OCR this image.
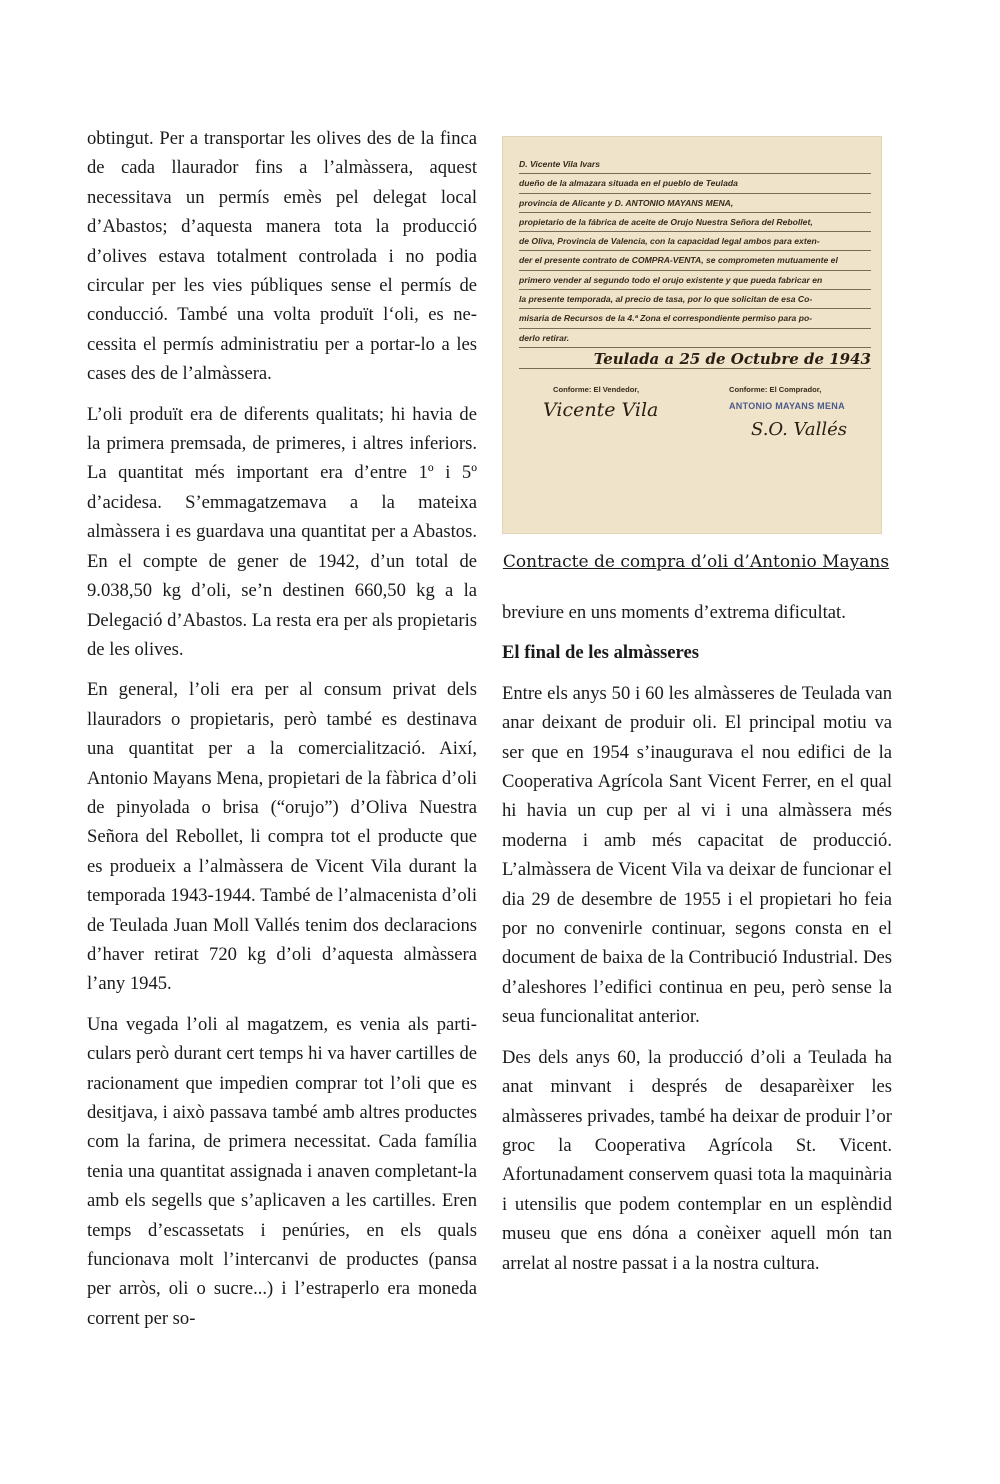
obtingut. Per a transportar les olives des de la finca de cada llaurador fins a l’almàssera, aquest necessitava un permís emès pel delegat local d’Abastos; d’aquesta manera tota la producció d’olives estava totalment controlada i no podia circular per les vies públiques sense el permís de conducció. També una volta produït l‘oli, es necessita el permís administratiu per a portar-lo a les cases des de l’almàssera.

L’oli produït era de diferents qualitats; hi havia de la primera premsada, de primeres, i altres inferiors. La quantitat més important era d’entre 1º i 5º d’acidesa. S’emmagatzemava a la mateixa almàssera i es guardava una quantitat per a Abastos. En el compte de gener de 1942, d’un total de 9.038,50 kg d’oli, se’n destinen 660,50 kg a la Delegació d’Abastos. La resta era per als propietaris de les olives.

En general, l’oli era per al consum privat dels llauradors o propietaris, però també es destinava una quantitat per a la comercialització. Així, Antonio Mayans Mena, propietari de la fàbrica d’oli de pinyolada o brisa (“orujo”) d’Oliva Nuestra Señora del Rebollet, li compra tot el producte que es produeix a l’almàssera de Vicent Vila durant la temporada 1943-1944. També de l’almacenista d’oli de Teulada Juan Moll Vallés tenim dos declaracions d’haver retirat 720 kg d’oli d’aquesta almàssera l’any 1945.

Una vegada l’oli al magatzem, es venia als particulars però durant cert temps hi va haver cartilles de racionament que impedien comprar tot l’oli que es desitjava, i això passava també amb altres productes com la farina, de primera necessitat. Cada família tenia una quantitat assignada i anaven completant-la amb els segells que s’aplicaven a les cartilles. Eren temps d’escassetats i penúries, en els quals funcionava molt l’intercanvi de productes (pansa per arròs, oli o sucre...) i l’estraperlo era moneda corrent per so-

D. Vicente Vila Ivars
dueño de la almazara situada en el pueblo de Teulada
provincia de Alicante y D. ANTONIO MAYANS MENA,
propietario de la fábrica de aceite de Orujo Nuestra Señora del Rebollet,
de Oliva, Provincia de Valencia, con la capacidad legal ambos para exten-
der el presente contrato de COMPRA-VENTA, se comprometen mutuamente el
primero vender al segundo todo el orujo existente y que pueda fabricar en
la presente temporada, al precio de tasa, por lo que solicitan de esa Co-
misaria de Recursos de la 4.ª Zona el correspondiente permiso para po-
derlo retirar.
Teulada a 25 de Octubre de 1943
Conforme: El Vendedor,	Conforme: El Comprador,
Vicente Vila	ANTONIO MAYANS MENA
S.O. Vallés
Contracte de compra d’oli d’Antonio Mayans

breviure en uns moments d’extrema dificultat.

El final de les almàsseres

Entre els anys 50 i 60 les almàsseres de Teulada van anar deixant de produir oli. El principal motiu va ser que en 1954 s’inaugurava el nou edifici de la Cooperativa Agrícola Sant Vicent Ferrer, en el qual hi havia un cup per al vi i una almàssera més moderna i amb més capacitat de producció. L’almàssera de Vicent Vila va deixar de funcionar el dia 29 de desembre de 1955 i el propietari ho feia por no convenirle continuar, segons consta en el document de baixa de la Contribució Industrial. Des d’aleshores l’edifici continua en peu, però sense la seua funcionalitat anterior.

Des dels anys 60, la producció d’oli a Teulada ha anat minvant i després de desaparèixer les almàsseres privades, també ha deixar de produir l’or groc la Cooperativa Agrícola St. Vicent. Afortunadament conservem quasi tota la maquinària i utensilis que podem contemplar en un esplèndid museu que ens dóna a conèixer aquell món tan arrelat al nostre passat i a la nostra cultura.
